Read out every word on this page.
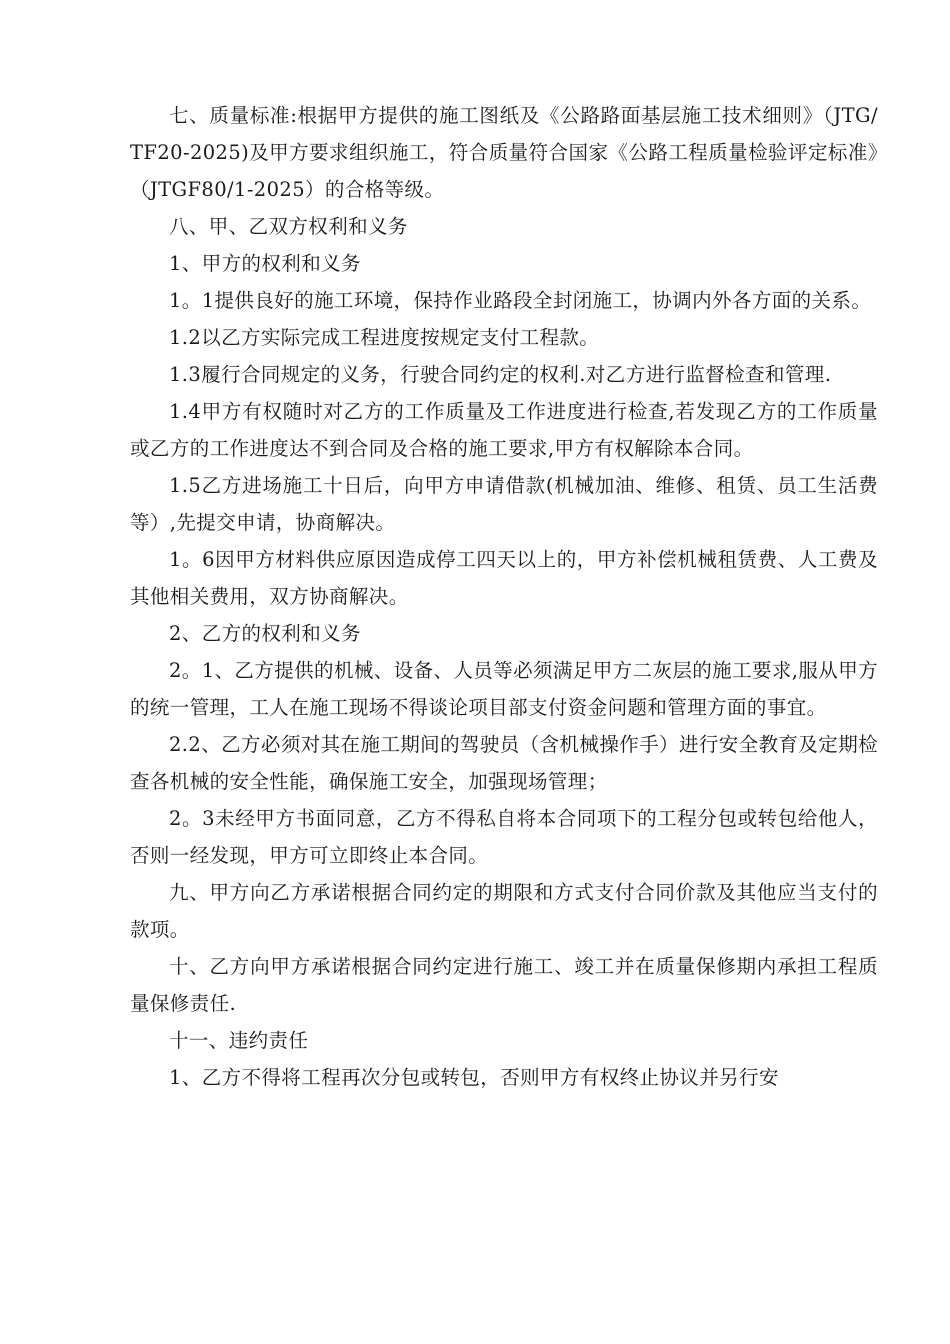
七、质量标准:根据甲方提供的施工图纸及《公路路面基层施工技术细则》（JTG/TF20-2025)及甲方要求组织施工，符合质量符合国家《公路工程质量检验评定标准》（JTGF80/1-2025）的合格等级。

八、甲、乙双方权利和义务

1、甲方的权利和义务

1。1提供良好的施工环境，保持作业路段全封闭施工，协调内外各方面的关系。

1.2以乙方实际完成工程进度按规定支付工程款。

1.3履行合同规定的义务，行驶合同约定的权利.对乙方进行监督检查和管理.

1.4甲方有权随时对乙方的工作质量及工作进度进行检查,若发现乙方的工作质量或乙方的工作进度达不到合同及合格的施工要求,甲方有权解除本合同。

1.5乙方进场施工十日后，向甲方申请借款(机械加油、维修、租赁、员工生活费等）,先提交申请，协商解决。

1。6因甲方材料供应原因造成停工四天以上的，甲方补偿机械租赁费、人工费及其他相关费用，双方协商解决。

2、乙方的权利和义务

2。1、乙方提供的机械、设备、人员等必须满足甲方二灰层的施工要求,服从甲方的统一管理，工人在施工现场不得谈论项目部支付资金问题和管理方面的事宜。

2.2、乙方必须对其在施工期间的驾驶员（含机械操作手）进行安全教育及定期检查各机械的安全性能，确保施工安全，加强现场管理；

2。3未经甲方书面同意，乙方不得私自将本合同项下的工程分包或转包给他人，否则一经发现，甲方可立即终止本合同。

九、甲方向乙方承诺根据合同约定的期限和方式支付合同价款及其他应当支付的款项。

十、乙方向甲方承诺根据合同约定进行施工、竣工并在质量保修期内承担工程质量保修责任.

十一、违约责任

1、乙方不得将工程再次分包或转包，否则甲方有权终止协议并另行安
